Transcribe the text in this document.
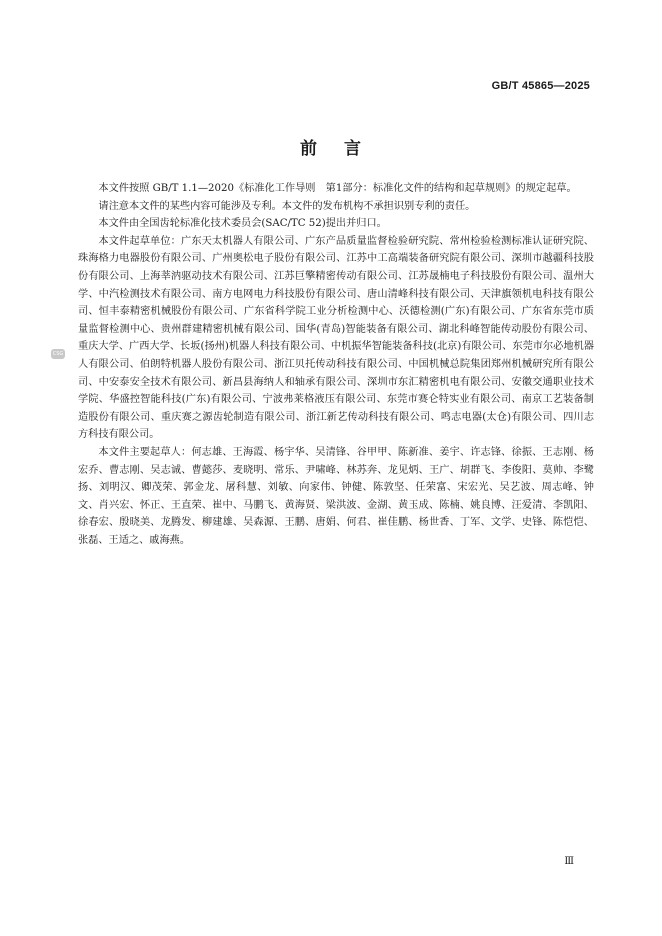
GB/T 45865—2025
前 言
CSG

本文件按照 GB/T 1.1—2020《标准化工作导则　第1部分：标准化文件的结构和起草规则》的规定起草。

请注意本文件的某些内容可能涉及专利。本文件的发布机构不承担识别专利的责任。

本文件由全国齿轮标准化技术委员会(SAC/TC 52)提出并归口。

本文件起草单位：广东天太机器人有限公司、广东产品质量监督检验研究院、常州检验检测标准认证研究院、珠海格力电器股份有限公司、广州奥松电子股份有限公司、江苏中工高端装备研究院有限公司、深圳市越疆科技股份有限公司、上海莘汭驱动技术有限公司、江苏巨擎精密传动有限公司、江苏晟楠电子科技股份有限公司、温州大学、中汽检测技术有限公司、南方电网电力科技股份有限公司、唐山清峰科技有限公司、天津旗领机电科技有限公司、恒丰泰精密机械股份有限公司、广东省科学院工业分析检测中心、沃德检测(广东)有限公司、广东省东莞市质量监督检测中心、贵州群建精密机械有限公司、国华(青岛)智能装备有限公司、湖北科峰智能传动股份有限公司、重庆大学、广西大学、长坂(扬州)机器人科技有限公司、中机振华智能装备科技(北京)有限公司、东莞市尔必地机器人有限公司、伯朗特机器人股份有限公司、浙江贝托传动科技有限公司、中国机械总院集团郑州机械研究所有限公司、中安泰安全技术有限公司、新昌县海纳人和轴承有限公司、深圳市东汇精密机电有限公司、安徽交通职业技术学院、华盛控智能科技(广东)有限公司、宁波弗莱格液压有限公司、东莞市赛仑特实业有限公司、南京工艺装备制造股份有限公司、重庆赛之源齿轮制造有限公司、浙江新艺传动科技有限公司、鸣志电器(太仓)有限公司、四川志方科技有限公司。

本文件主要起草人：何志雄、王海霞、杨宇华、吴清锋、谷甲甲、陈新准、姜宇、许志锋、徐振、王志刚、杨宏乔、曹志刚、吴志诚、曹懿莎、麦晓明、常乐、尹啸峰、林苏奔、龙见炳、王广、胡群飞、李俊阳、莫帅、李鹭扬、刘明汉、卿茂荣、郭金龙、屠科慧、刘敏、向家伟、钟健、陈敦坚、任荣富、宋宏光、吴艺波、周志峰、钟文、肖兴宏、怀正、王直荣、崔中、马鹏飞、黄海贤、梁洪波、金湖、黄玉成、陈楠、姚良博、汪爱清、李凯阳、徐春宏、殷晓美、龙腾发、柳建雄、吴森源、王鹏、唐娟、何君、崔佳鹏、杨世香、丁军、文学、史锋、陈恺恺、张磊、王适之、戚海燕。

Ⅲ
